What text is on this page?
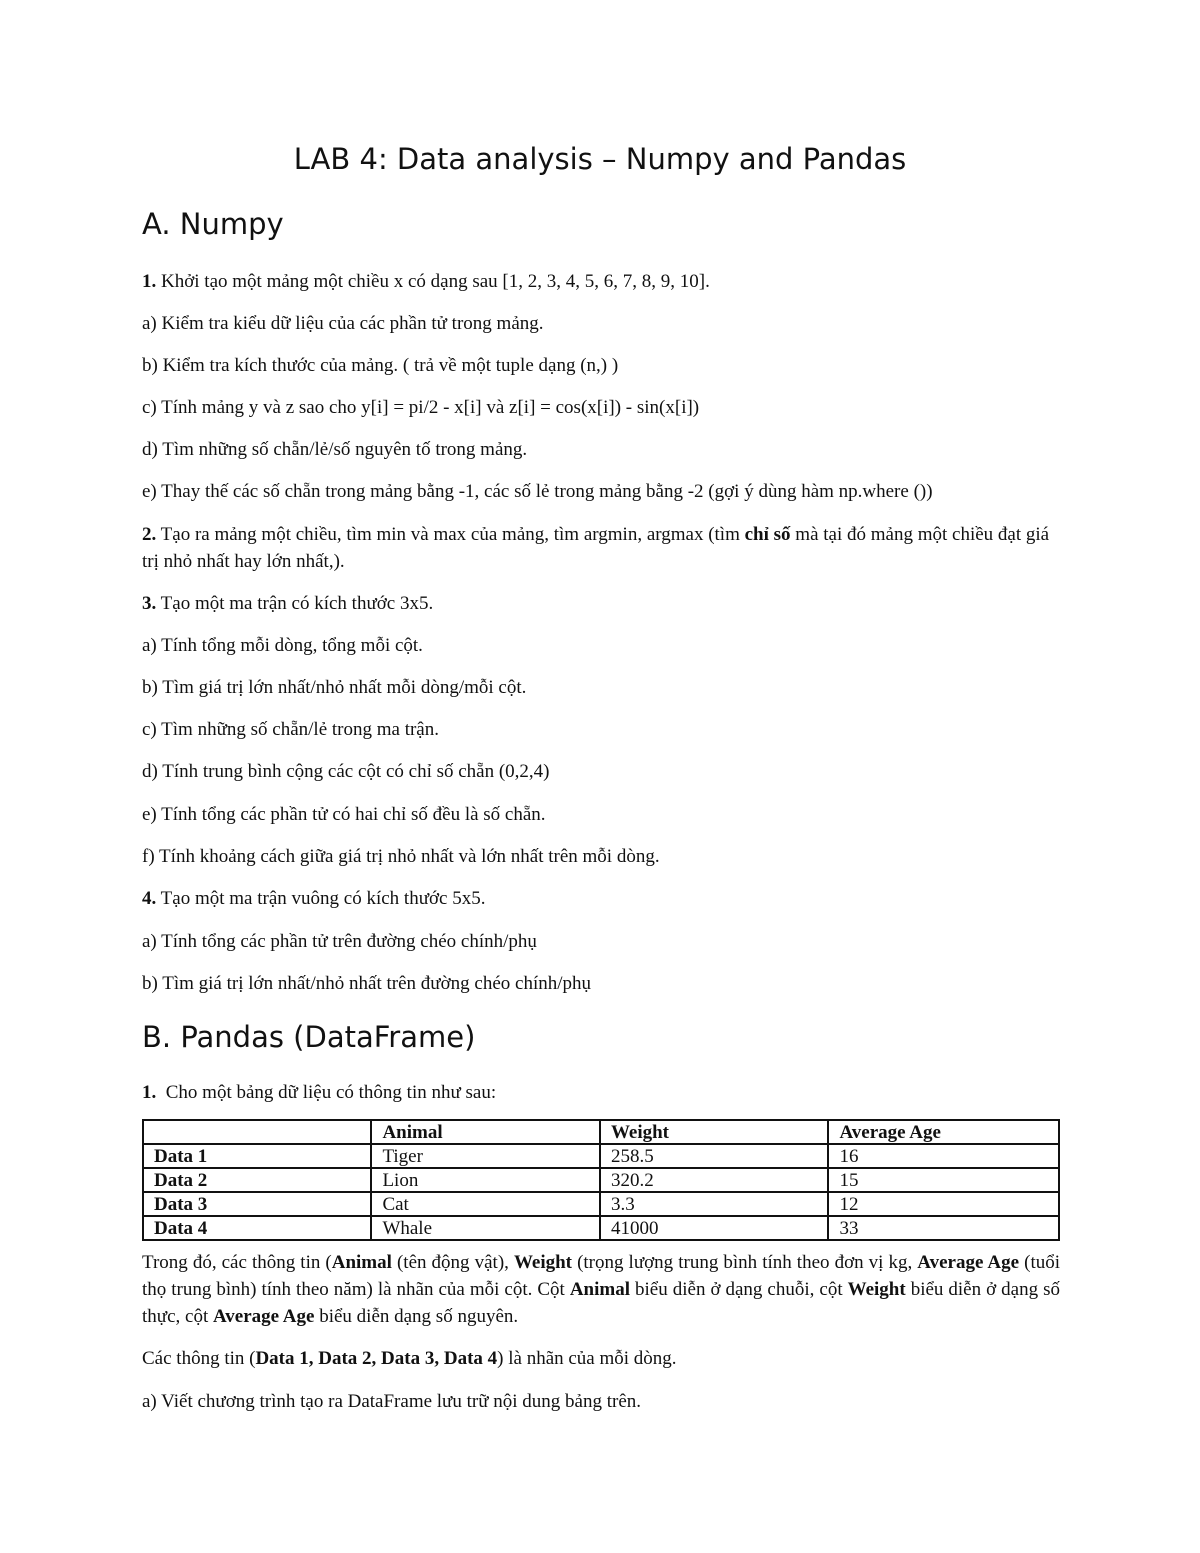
LAB 4: Data analysis – Numpy and Pandas
A. Numpy

1. Khởi tạo một mảng một chiều x có dạng sau [1, 2, 3, 4, 5, 6, 7, 8, 9, 10].

a) Kiểm tra kiểu dữ liệu của các phần tử trong mảng.

b) Kiểm tra kích thước của mảng. ( trả về một tuple dạng (n,) )

c) Tính mảng y và z sao cho y[i] = pi/2 - x[i] và z[i] = cos(x[i]) - sin(x[i])

d) Tìm những số chẵn/lẻ/số nguyên tố trong mảng.

e) Thay thế các số chẵn trong mảng bằng -1, các số lẻ trong mảng bằng -2 (gợi ý dùng hàm np.where ())

2. Tạo ra mảng một chiều, tìm min và max của mảng, tìm argmin, argmax (tìm chỉ số mà tại đó mảng một chiều đạt giá trị nhỏ nhất hay lớn nhất,).

3. Tạo một ma trận có kích thước 3x5.

a) Tính tổng mỗi dòng, tổng mỗi cột.

b) Tìm giá trị lớn nhất/nhỏ nhất mỗi dòng/mỗi cột.

c) Tìm những số chẵn/lẻ trong ma trận.

d) Tính trung bình cộng các cột có chỉ số chẵn (0,2,4)

e) Tính tổng các phần tử có hai chỉ số đều là số chẵn.

f) Tính khoảng cách giữa giá trị nhỏ nhất và lớn nhất trên mỗi dòng.

4. Tạo một ma trận vuông có kích thước 5x5.

a) Tính tổng các phần tử trên đường chéo chính/phụ

b) Tìm giá trị lớn nhất/nhỏ nhất trên đường chéo chính/phụ

B. Pandas (DataFrame)

1. Cho một bảng dữ liệu có thông tin như sau:

	Animal	Weight	Average Age
Data 1	Tiger	258.5	16
Data 2	Lion	320.2	15
Data 3	Cat	3.3	12
Data 4	Whale	41000	33

Trong đó, các thông tin (Animal (tên động vật), Weight (trọng lượng trung bình tính theo đơn vị kg, Average Age (tuổi thọ trung bình) tính theo năm) là nhãn của mỗi cột. Cột Animal biểu diễn ở dạng chuỗi, cột Weight biểu diễn ở dạng số thực, cột Average Age biểu diễn dạng số nguyên.

Các thông tin (Data 1, Data 2, Data 3, Data 4) là nhãn của mỗi dòng.

a) Viết chương trình tạo ra DataFrame lưu trữ nội dung bảng trên.
